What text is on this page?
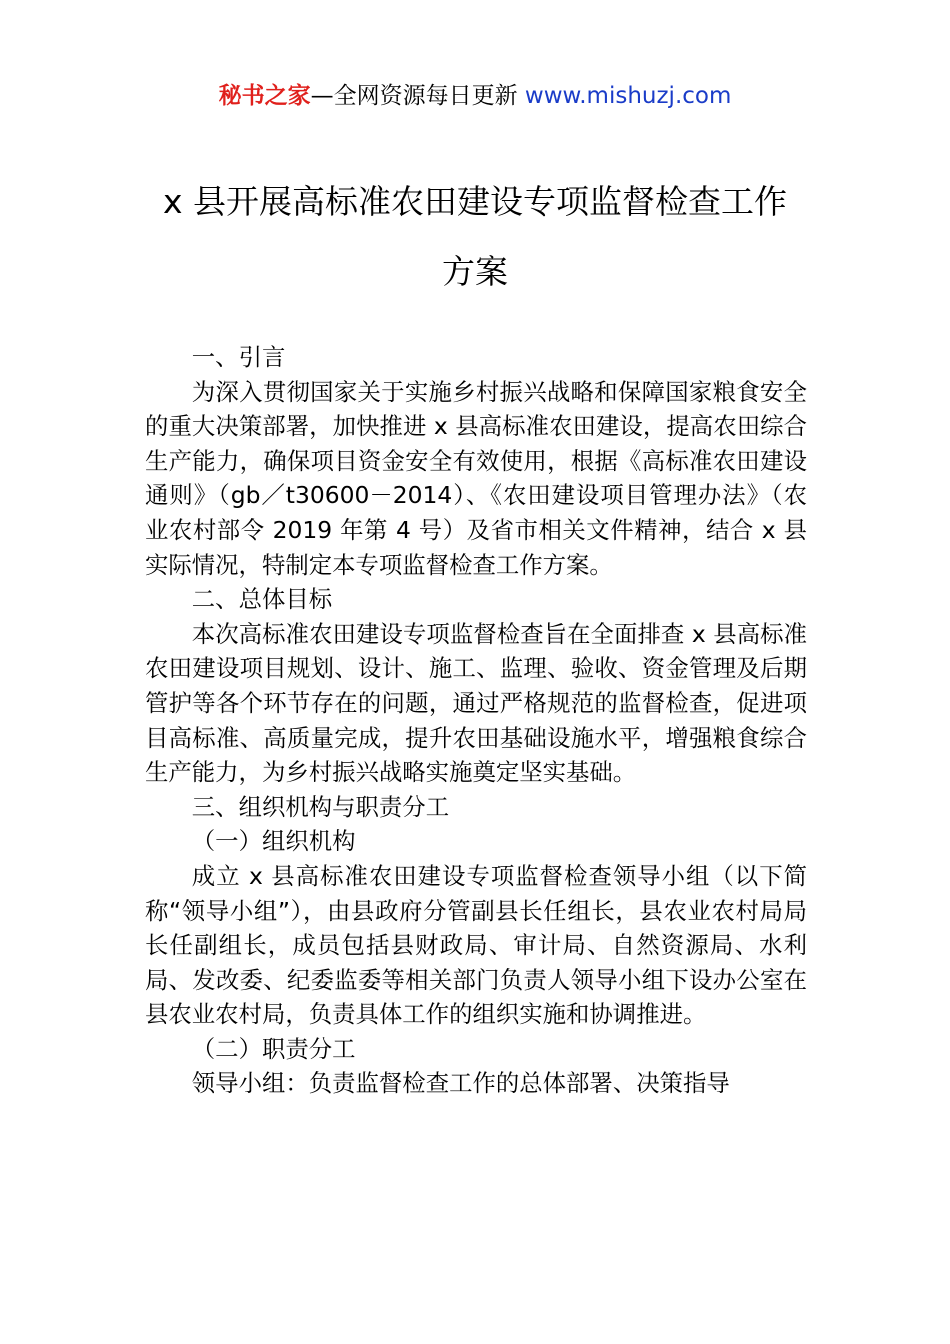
秘书之家—全网资源每日更新 www.mishuzj.com
x 县开展高标准农田建设专项监督检查工作
方案

一、引言

为深入贯彻国家关于实施乡村振兴战略和保障国家粮食安全的重大决策部署，加快推进 x 县高标准农田建设，提高农田综合生产能力，确保项目资金安全有效使用，根据《高标准农田建设通则》（gb／t30600－2014）、《农田建设项目管理办法》（农业农村部令 2019 年第 4 号）及省市相关文件精神，结合 x 县实际情况，特制定本专项监督检查工作方案。

二、总体目标

本次高标准农田建设专项监督检查旨在全面排查 x 县高标准农田建设项目规划、设计、施工、监理、验收、资金管理及后期管护等各个环节存在的问题，通过严格规范的监督检查，促进项目高标准、高质量完成，提升农田基础设施水平，增强粮食综合生产能力，为乡村振兴战略实施奠定坚实基础。

三、组织机构与职责分工

（一）组织机构

成立 x 县高标准农田建设专项监督检查领导小组（以下简称“领导小组”），由县政府分管副县长任组长，县农业农村局局长任副组长，成员包括县财政局、审计局、自然资源局、水利局、发改委、纪委监委等相关部门负责人领导小组下设办公室在县农业农村局，负责具体工作的组织实施和协调推进。

（二）职责分工

领导小组：负责监督检查工作的总体部署、决策指导
